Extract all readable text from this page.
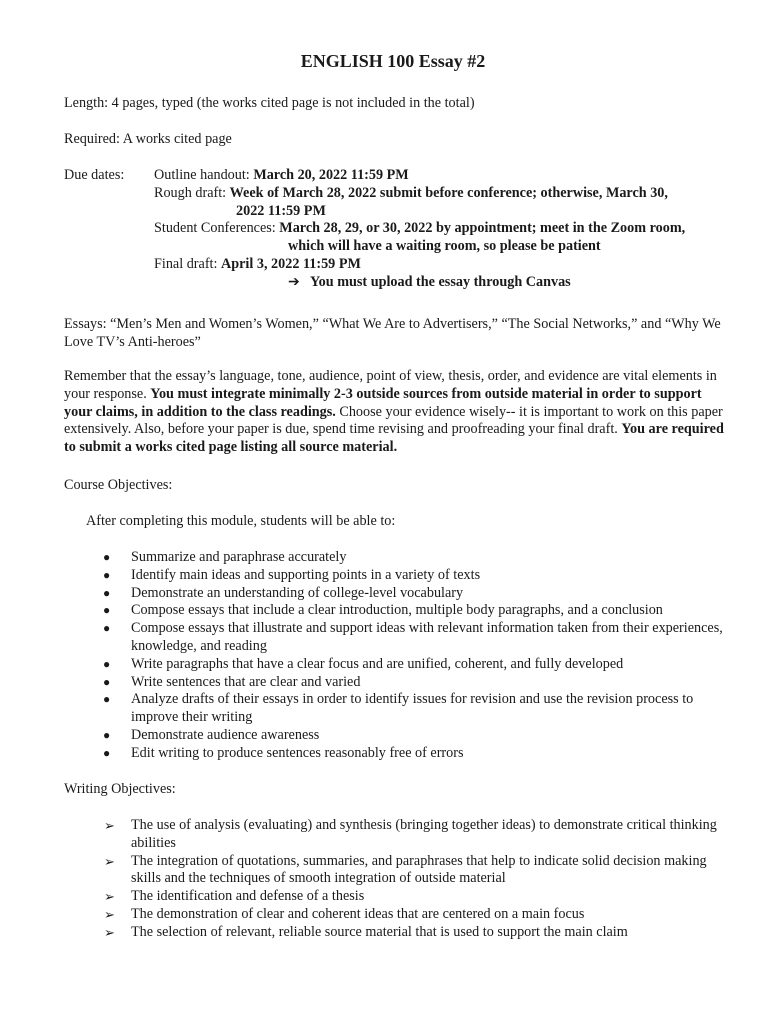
ENGLISH 100 Essay #2

Length: 4 pages, typed (the works cited page is not included in the total)

Required: A works cited page

Due dates: Outline handout: March 20, 2022 11:59 PM
Rough draft: Week of March 28, 2022 submit before conference; otherwise, March 30,
2022 11:59 PM
Student Conferences: March 28, 29, or 30, 2022 by appointment; meet in the Zoom room,
which will have a waiting room, so please be patient
Final draft: April 3, 2022 11:59 PM
➔ You must upload the essay through Canvas

Essays: “Men’s Men and Women’s Women,” “What We Are to Advertisers,” “The Social Networks,” and “Why We Love TV’s Anti-heroes”

Remember that the essay’s language, tone, audience, point of view, thesis, order, and evidence are vital elements in your response. You must integrate minimally 2-3 outside sources from outside material in order to support your claims, in addition to the class readings. Choose your evidence wisely-- it is important to work on this paper extensively. Also, before your paper is due, spend time revising and proofreading your final draft. You are required to submit a works cited page listing all source material.

Course Objectives:

After completing this module, students will be able to:
● Summarize and paraphrase accurately
● Identify main ideas and supporting points in a variety of texts
● Demonstrate an understanding of college-level vocabulary
● Compose essays that include a clear introduction, multiple body paragraphs, and a conclusion
● Compose essays that illustrate and support ideas with relevant information taken from their experiences, knowledge, and reading
● Write paragraphs that have a clear focus and are unified, coherent, and fully developed
● Write sentences that are clear and varied
● Analyze drafts of their essays in order to identify issues for revision and use the revision process to improve their writing
● Demonstrate audience awareness
● Edit writing to produce sentences reasonably free of errors

Writing Objectives:

➢ The use of analysis (evaluating) and synthesis (bringing together ideas) to demonstrate critical thinking abilities
➢ The integration of quotations, summaries, and paraphrases that help to indicate solid decision making skills and the techniques of smooth integration of outside material
➢ The identification and defense of a thesis
➢ The demonstration of clear and coherent ideas that are centered on a main focus
➢ The selection of relevant, reliable source material that is used to support the main claim
